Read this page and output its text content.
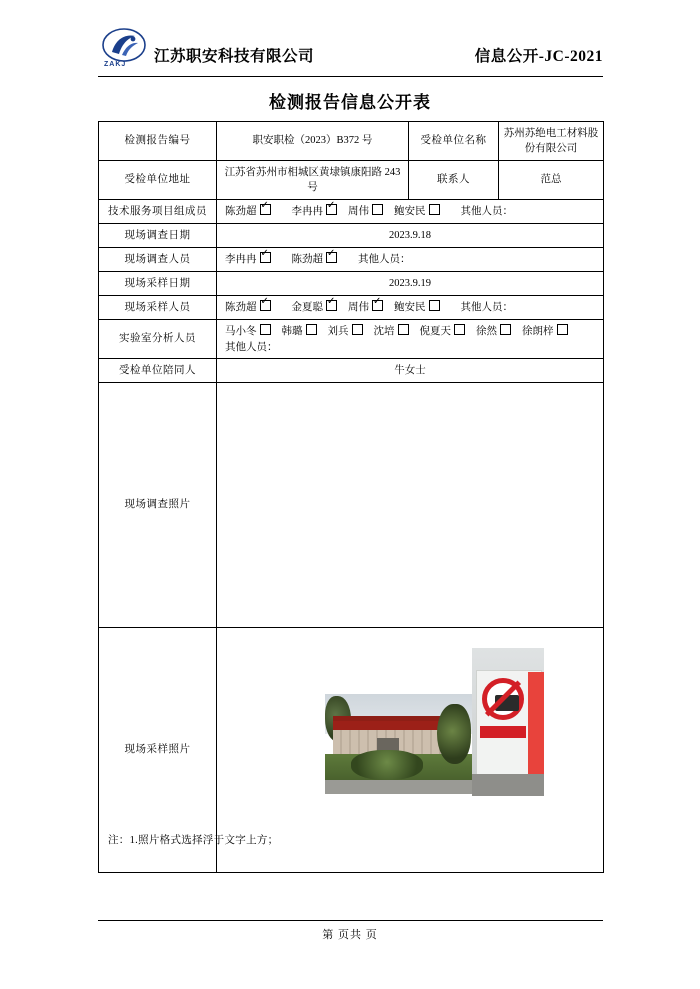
ZAKJ 江苏职安科技有限公司	信息公开-JC-2021
检测报告信息公开表
检测报告编号	职安职检（2023）B372 号	受检单位名称	苏州苏绝电工材料股份有限公司
受检单位地址	江苏省苏州市相城区黄埭镇康阳路 243 号	联系人	范总
技术服务项目组成员	陈劲超 ✓ 李冉冉 ✓ 周伟 鲍安民 其他人员：
现场调查日期	2023.9.18		
现场调查人员	李冉冉 ✓ 陈劲超 ✓ 其他人员：
现场采样日期	2023.9.19		
现场采样人员	陈劲超 ✓ 金夏聪 ✓ 周伟 ✓ 鲍安民 其他人员：
实验室分析人员	马小冬 韩璐 刘兵 沈培 倪夏天 徐然 徐朗梓
其他人员：		

受检单位陪同人	牛女士		
现场调查照片			
现场采样照片			
注：1.照片格式选择浮于文字上方；
第 页共 页
